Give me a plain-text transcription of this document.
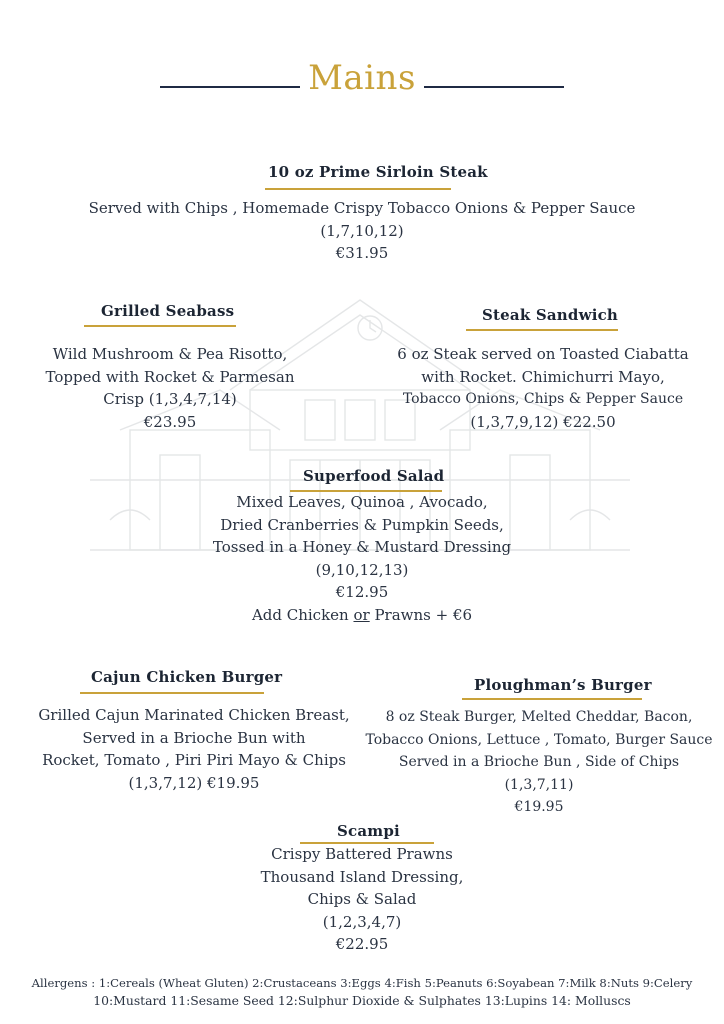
Mains
10 oz Prime Sirloin Steak
Served with Chips , Homemade Crispy Tobacco Onions & Pepper Sauce
(1,7,10,12)
€31.95
Grilled Seabass
Wild Mushroom & Pea Risotto,
Topped with Rocket & Parmesan
Crisp (1,3,4,7,14)
€23.95
Steak Sandwich
6 oz Steak served on Toasted Ciabatta
with Rocket. Chimichurri Mayo,
Tobacco Onions, Chips & Pepper Sauce
(1,3,7,9,12) €22.50
Superfood Salad
Mixed Leaves, Quinoa , Avocado,
Dried Cranberries & Pumpkin Seeds,
Tossed in a Honey & Mustard Dressing
(9,10,12,13)
€12.95
Add Chicken or Prawns + €6
Cajun Chicken Burger
Grilled Cajun Marinated Chicken Breast,
Served in a Brioche Bun with
Rocket, Tomato , Piri Piri Mayo & Chips
(1,3,7,12) €19.95
Ploughman’s Burger
8 oz Steak Burger, Melted Cheddar, Bacon,
Tobacco Onions, Lettuce , Tomato, Burger Sauce
Served in a Brioche Bun , Side of Chips
(1,3,7,11)
€19.95
Scampi
Crispy Battered Prawns
Thousand Island Dressing,
Chips & Salad
(1,2,3,4,7)
€22.95
Allergens : 1:Cereals (Wheat Gluten) 2:Crustaceans 3:Eggs 4:Fish 5:Peanuts 6:Soyabean 7:Milk 8:Nuts 9:Celery
10:Mustard 11:Sesame Seed 12:Sulphur Dioxide & Sulphates 13:Lupins 14: Molluscs
